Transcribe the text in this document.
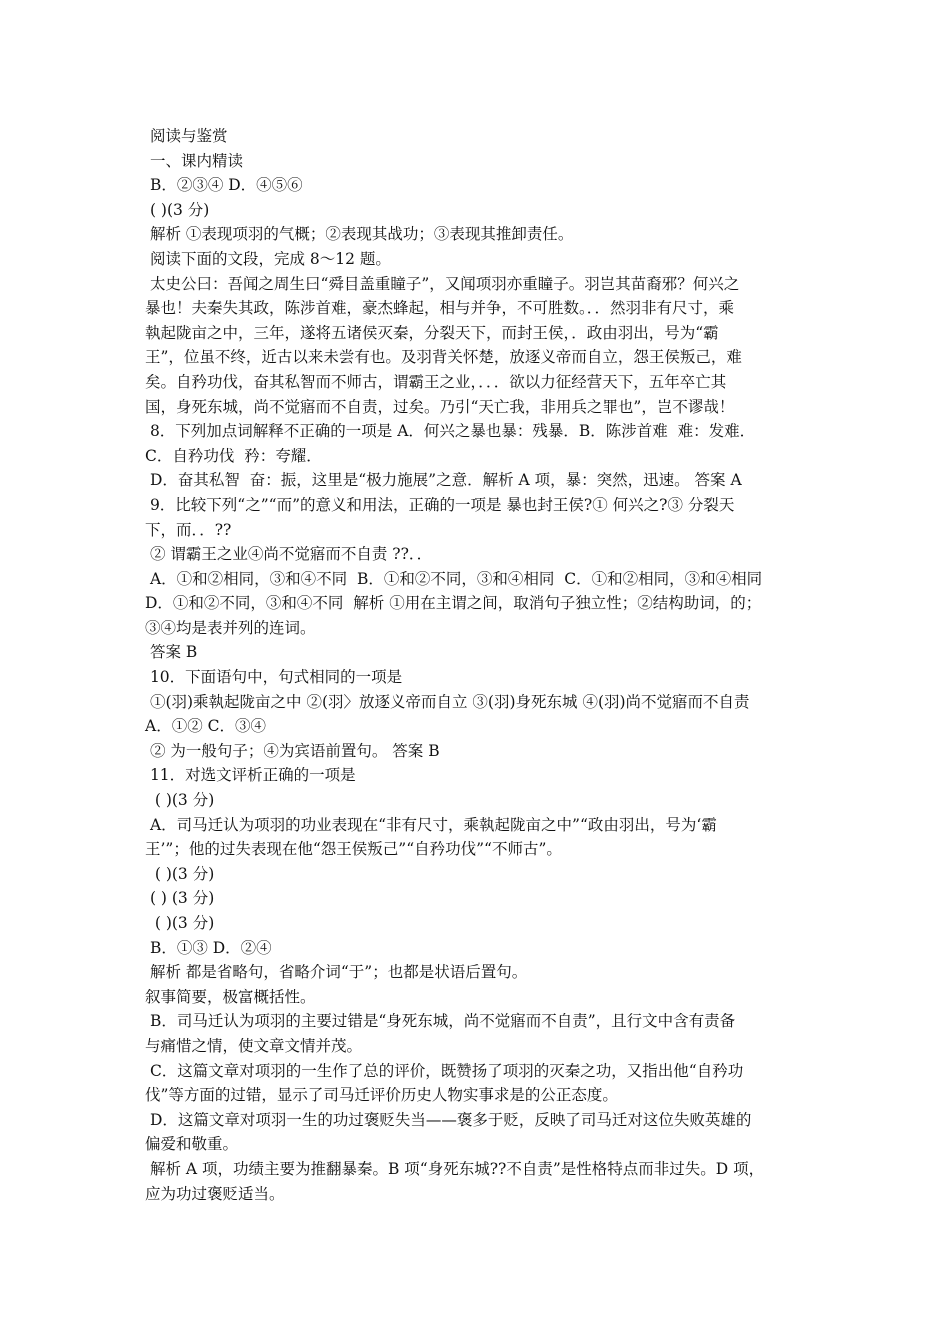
阅读与鉴赏

一、课内精读

B．②③④ D．④⑤⑥

( )(3 分)

解析 ①表现项羽的气概；②表现其战功；③表现其推卸责任。

阅读下面的文段，完成 8～12 题。

太史公曰：吾闻之周生曰“舜目盖重瞳子”，又闻项羽亦重瞳子。羽岂其苗裔邪？何兴之

暴也！夫秦失其政，陈涉首难，豪杰蜂起，相与并争，不可胜数。．．然羽非有尺寸，乘

執起陇亩之中，三年，遂将五诸侯灭秦，分裂天下，而封王侯，．政由羽出，号为“霸

王”，位虽不终，近古以来未尝有也。及羽背关怀楚，放逐义帝而自立，怨王侯叛己，难

矣。自矜功伐，奋其私智而不师古，谓霸王之业，．．．欲以力征经营天下，五年卒亡其

国，身死东城，尚不觉寤而不自责，过矣。乃引“天亡我，非用兵之罪也”，岂不谬哉！

8．下列加点词解释不正确的一项是 A．何兴之暴也暴：残暴．B．陈涉首难  难：发难．

C．自矜功伐  矜：夸耀．

D．奋其私智  奋：振，这里是“极力施展”之意．解析 A 项，暴：突然，迅速。 答案 A

9．比较下列“之”“而”的意义和用法，正确的一项是 暴也封王侯?① 何兴之?③ 分裂天

下，而．．??

② 谓霸王之业④尚不觉寤而不自责 ??．．

A．①和②相同，③和④不同  B．①和②不同，③和④相同  C．①和②相同，③和④相同

D．①和②不同，③和④不同  解析 ①用在主谓之间，取消句子独立性；②结构助词，的；

③④均是表并列的连词。

答案 B

10．下面语句中，句式相同的一项是

①(羽)乘執起陇亩之中 ②(羽〉放逐义帝而自立 ③(羽)身死东城 ④(羽)尚不觉寤而不自责

A．①② C．③④

② 为一般句子；④为宾语前置句。 答案 B

11．对选文评析正确的一项是

( )(3 分)

A．司马迁认为项羽的功业表现在“非有尺寸，乘執起陇亩之中”“政由羽出，号为‘霸

王’”；他的过失表现在他“怨王侯叛己”“自矜功伐”“不师古”。

( )(3 分)

( ) (3 分)

( )(3 分)

B．①③ D．②④

解析 都是省略句，省略介词“于”；也都是状语后置句。

叙事简要，极富概括性。

B．司马迁认为项羽的主要过错是“身死东城，尚不觉寤而不自责”，且行文中含有责备

与痛惜之情，使文章文情并茂。

C．这篇文章对项羽的一生作了总的评价，既赞扬了项羽的灭秦之功，又指出他“自矜功

伐”等方面的过错，显示了司马迁评价历史人物实事求是的公正态度。

D．这篇文章对项羽一生的功过褒贬失当——褒多于贬，反映了司马迁对这位失败英雄的

偏爱和敬重。

解析 A 项，功绩主要为推翻暴秦。B 项“身死东城??不自责”是性格特点而非过失。D 项，

应为功过褒贬适当。
